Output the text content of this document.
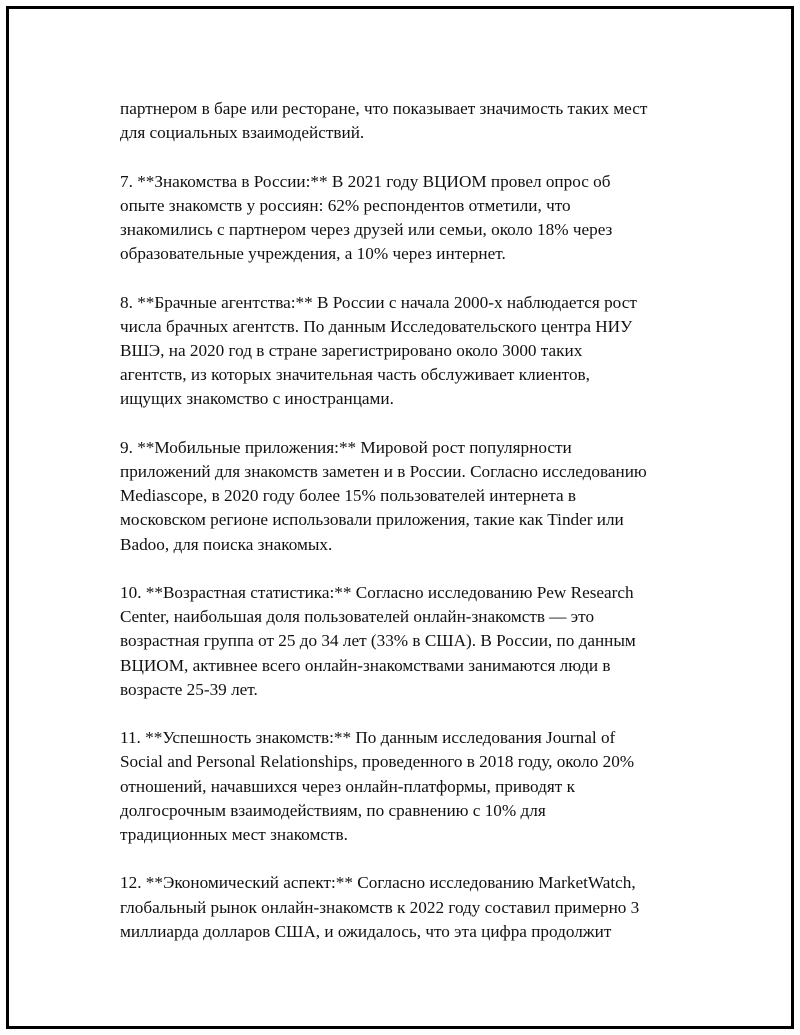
партнером в баре или ресторане, что показывает значимость таких мест
для социальных взаимодействий.

7. **Знакомства в России:** В 2021 году ВЦИОМ провел опрос об
опыте знакомств у россиян: 62% респондентов отметили, что
знакомились с партнером через друзей или семьи, около 18% через
образовательные учреждения, а 10% через интернет.

8. **Брачные агентства:** В России с начала 2000-х наблюдается рост
числа брачных агентств. По данным Исследовательского центра НИУ
ВШЭ, на 2020 год в стране зарегистрировано около 3000 таких
агентств, из которых значительная часть обслуживает клиентов,
ищущих знакомство с иностранцами.

9. **Мобильные приложения:** Мировой рост популярности
приложений для знакомств заметен и в России. Согласно исследованию
Mediascope, в 2020 году более 15% пользователей интернета в
московском регионе использовали приложения, такие как Tinder или
Badoo, для поиска знакомых.

10. **Возрастная статистика:** Согласно исследованию Pew Research
Center, наибольшая доля пользователей онлайн-знакомств — это
возрастная группа от 25 до 34 лет (33% в США). В России, по данным
ВЦИОМ, активнее всего онлайн-знакомствами занимаются люди в
возрасте 25-39 лет.

11. **Успешность знакомств:** По данным исследования Journal of
Social and Personal Relationships, проведенного в 2018 году, около 20%
отношений, начавшихся через онлайн-платформы, приводят к
долгосрочным взаимодействиям, по сравнению с 10% для
традиционных мест знакомств.

12. **Экономический аспект:** Согласно исследованию MarketWatch,
глобальный рынок онлайн-знакомств к 2022 году составил примерно 3
миллиарда долларов США, и ожидалось, что эта цифра продолжит
